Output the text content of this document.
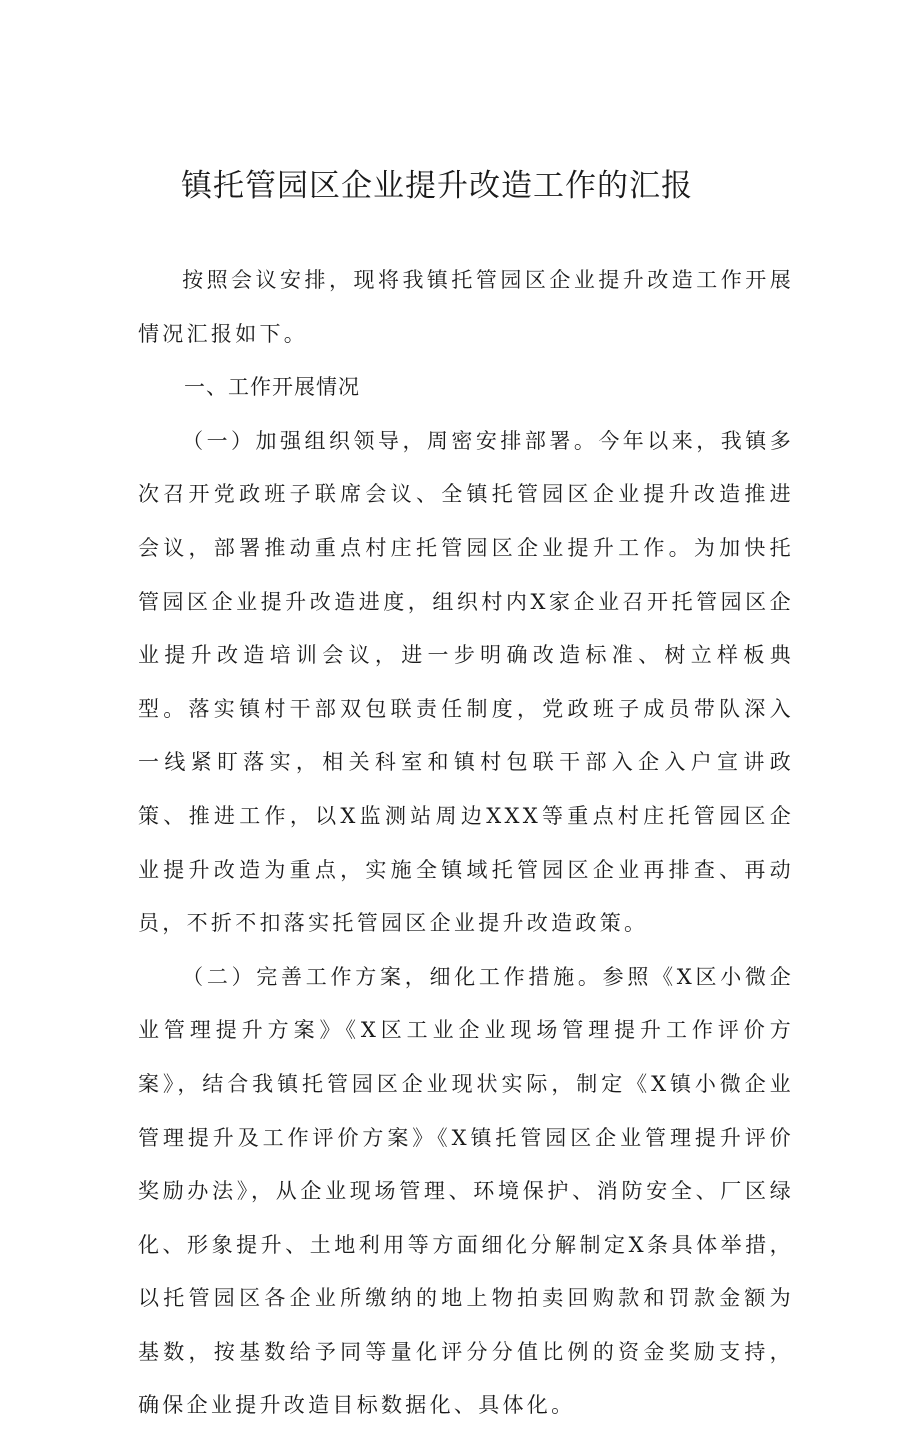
镇托管园区企业提升改造工作的汇报

按照会议安排，现将我镇托管园区企业提升改造工作开展情况汇报如下。

一、工作开展情况

（一）加强组织领导，周密安排部署。今年以来，我镇多次召开党政班子联席会议、全镇托管园区企业提升改造推进会议，部署推动重点村庄托管园区企业提升工作。为加快托管园区企业提升改造进度，组织村内X家企业召开托管园区企业提升改造培训会议，进一步明确改造标准、树立样板典型。落实镇村干部双包联责任制度，党政班子成员带队深入一线紧盯落实，相关科室和镇村包联干部入企入户宣讲政策、推进工作，以X监测站周边XXX等重点村庄托管园区企业提升改造为重点，实施全镇域托管园区企业再排查、再动员，不折不扣落实托管园区企业提升改造政策。

（二）完善工作方案，细化工作措施。参照《X区小微企业管理提升方案》《X区工业企业现场管理提升工作评价方案》，结合我镇托管园区企业现状实际，制定《X镇小微企业管理提升及工作评价方案》《X镇托管园区企业管理提升评价奖励办法》，从企业现场管理、环境保护、消防安全、厂区绿化、形象提升、土地利用等方面细化分解制定X条具体举措，以托管园区各企业所缴纳的地上物拍卖回购款和罚款金额为基数，按基数给予同等量化评分分值比例的资金奖励支持，确保企业提升改造目标数据化、具体化。
